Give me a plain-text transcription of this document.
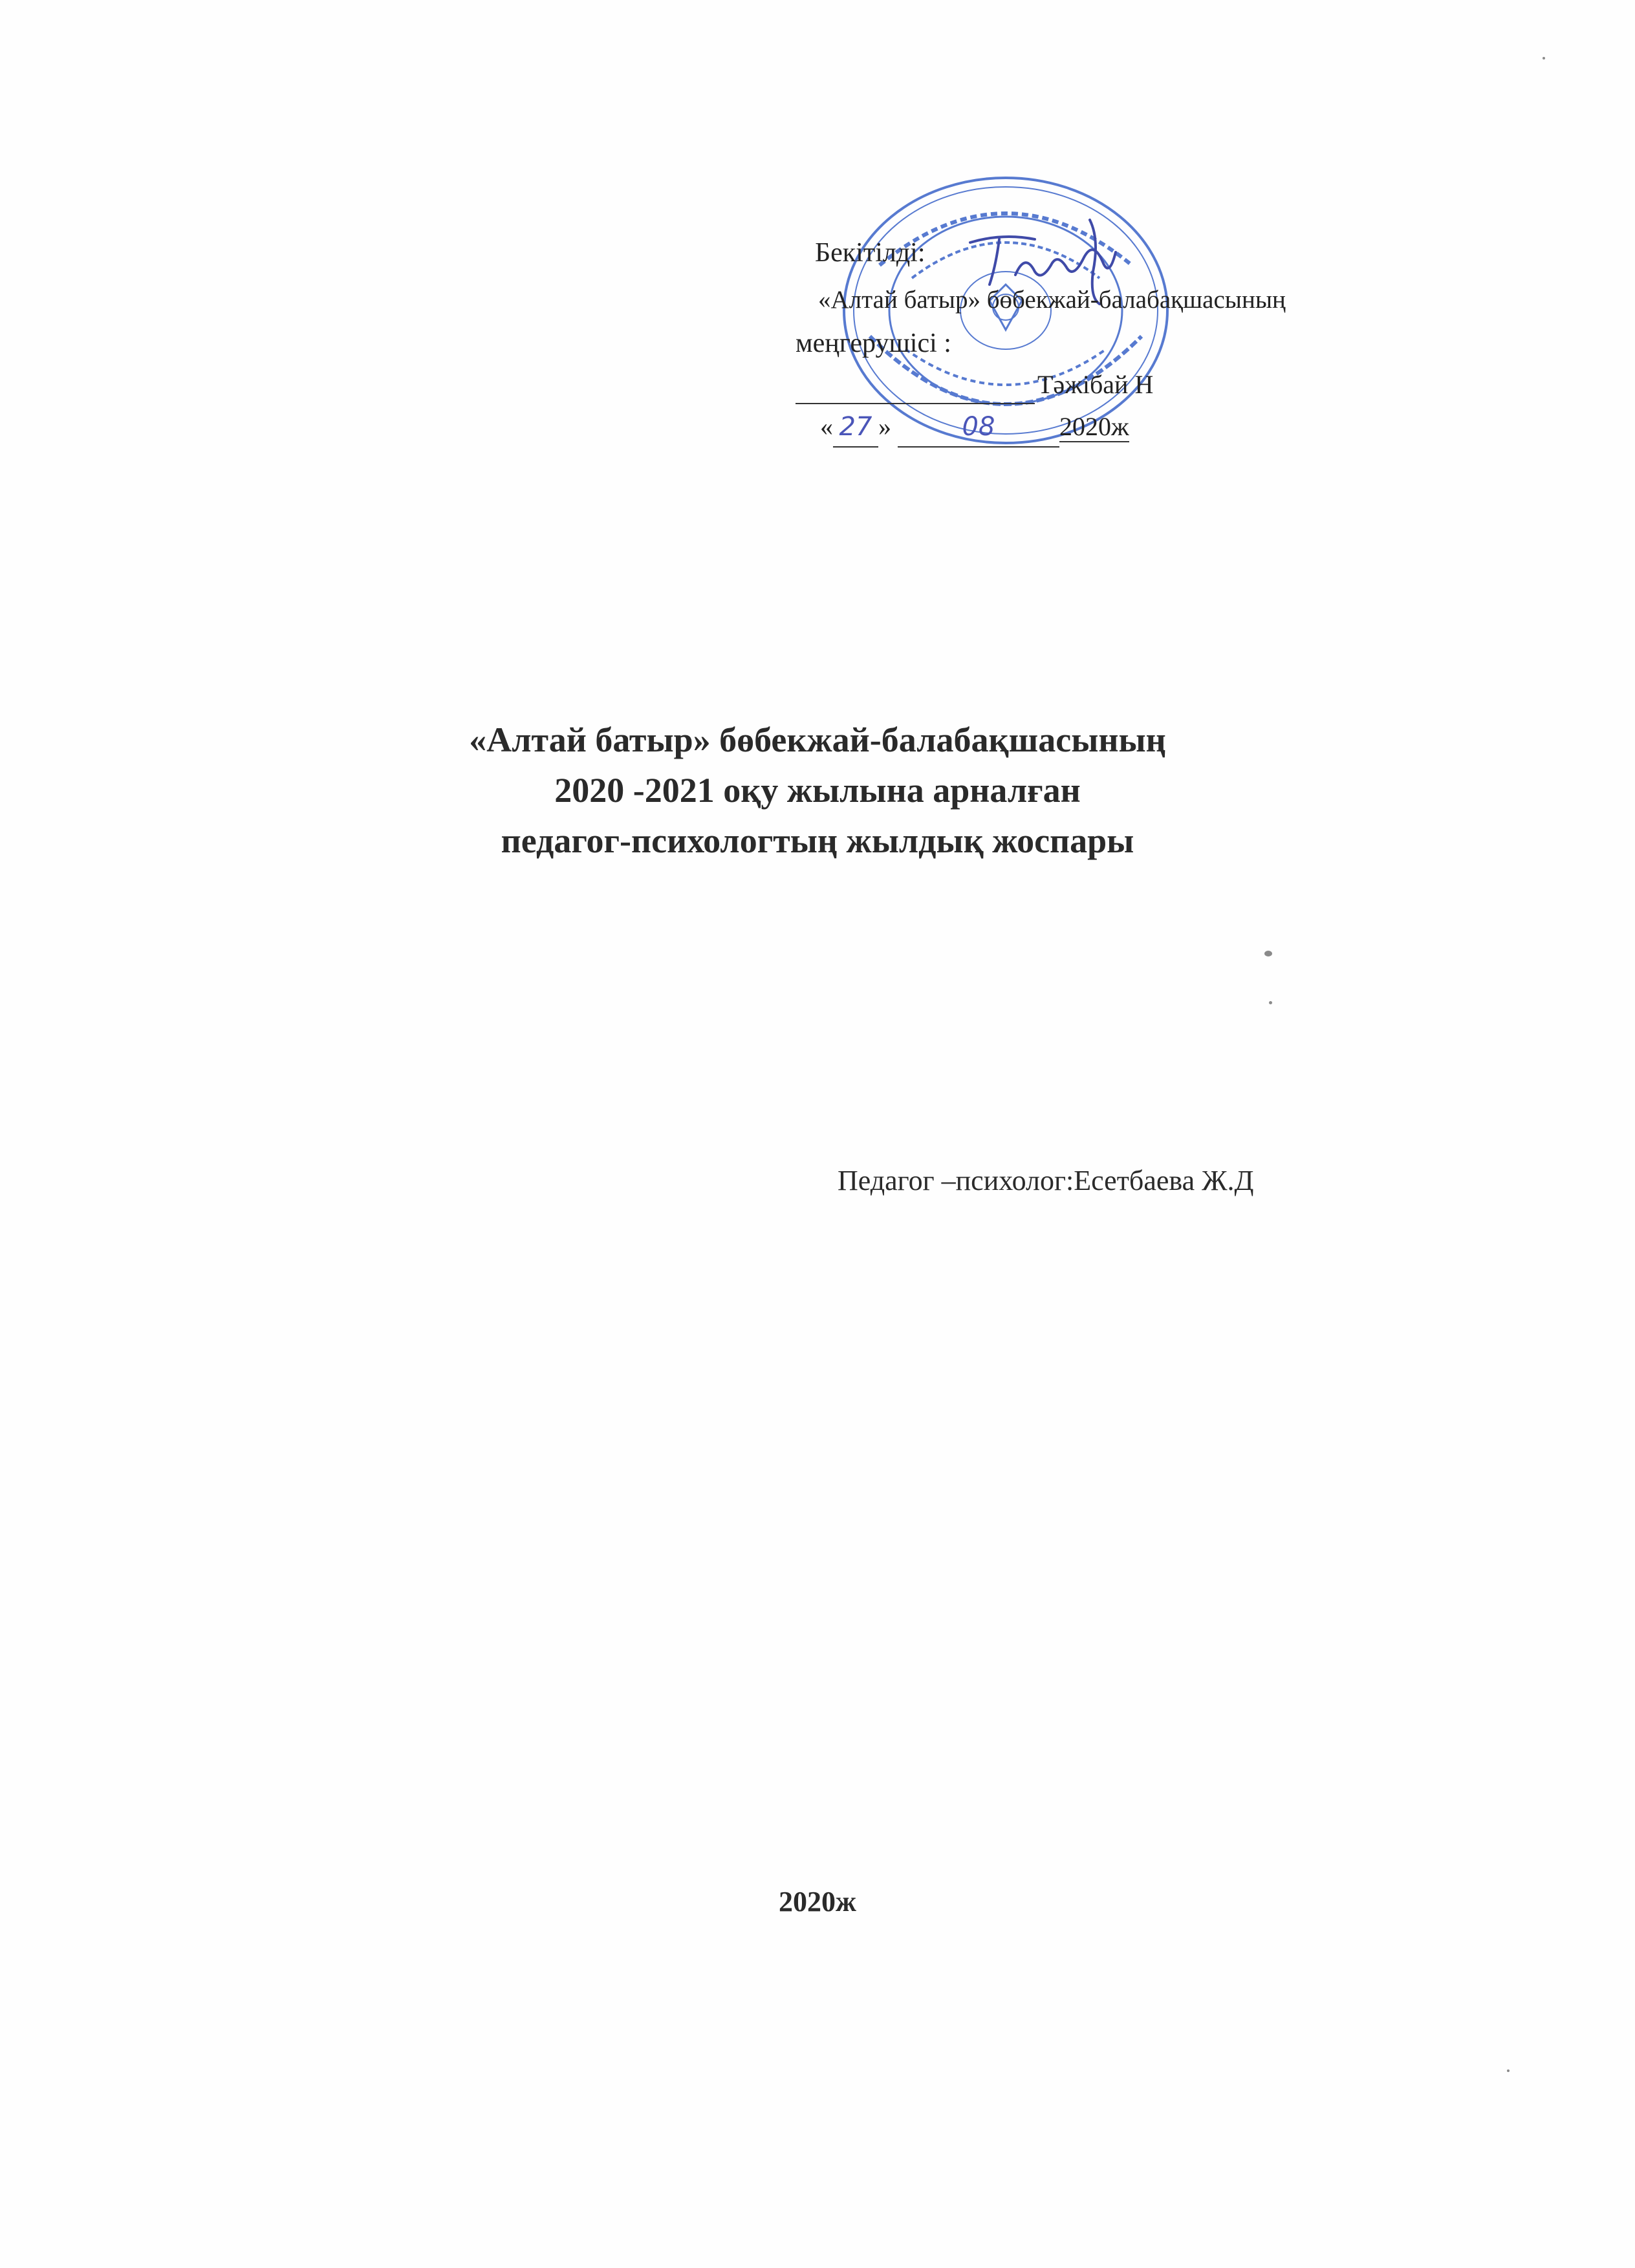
Бекітілді:
«Алтай батыр» бөбекжай-балабақшасының
меңгерушісі :
Тәжібай Н
« 27 »	08 2020ж
«Алтай батыр» бөбекжай-балабақшасының
2020 -2021 оқу жылына арналған
педагог-психологтың жылдық жоспары
Педагог –психолог:Есетбаева Ж.Д
2020ж
